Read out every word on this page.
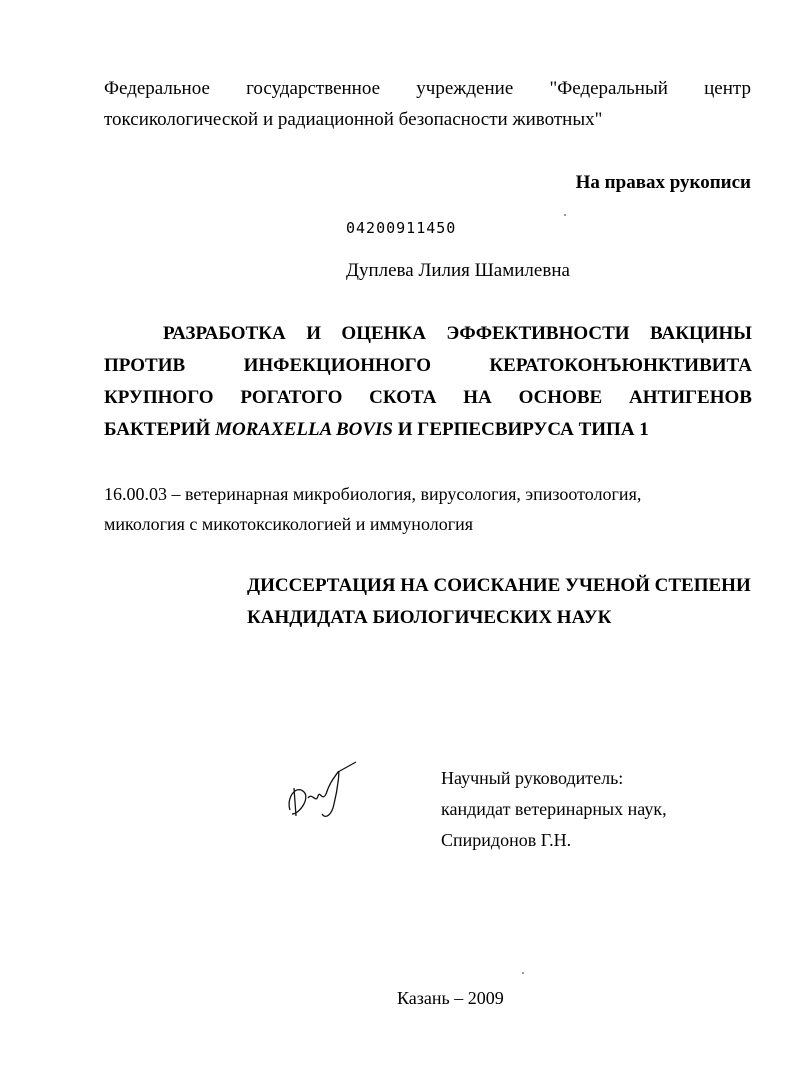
Федеральное государственное учреждение "Федеральный центр
токсикологической и радиационной безопасности животных"
На правах рукописи
04200911450
Дуплева Лилия Шамилевна
РАЗРАБОТКА И ОЦЕНКА ЭФФЕКТИВНОСТИ ВАКЦИНЫ
ПРОТИВ	ИНФЕКЦИОННОГО	КЕРАТОКОНЪЮНКТИВИТА
КРУПНОГО РОГАТОГО СКОТА НА ОСНОВЕ АНТИГЕНОВ
БАКТЕРИЙ MORAXELLA BOVIS И ГЕРПЕСВИРУСА ТИПА 1
16.00.03 – ветеринарная микробиология, вирусология, эпизоотология,
микология с микотоксикологией и иммунология
ДИССЕРТАЦИЯ НА СОИСКАНИЕ УЧЕНОЙ СТЕПЕНИ
КАНДИДАТА БИОЛОГИЧЕСКИХ НАУК
Научный руководитель:
кандидат ветеринарных наук,
Спиридонов Г.Н.
Казань – 2009
